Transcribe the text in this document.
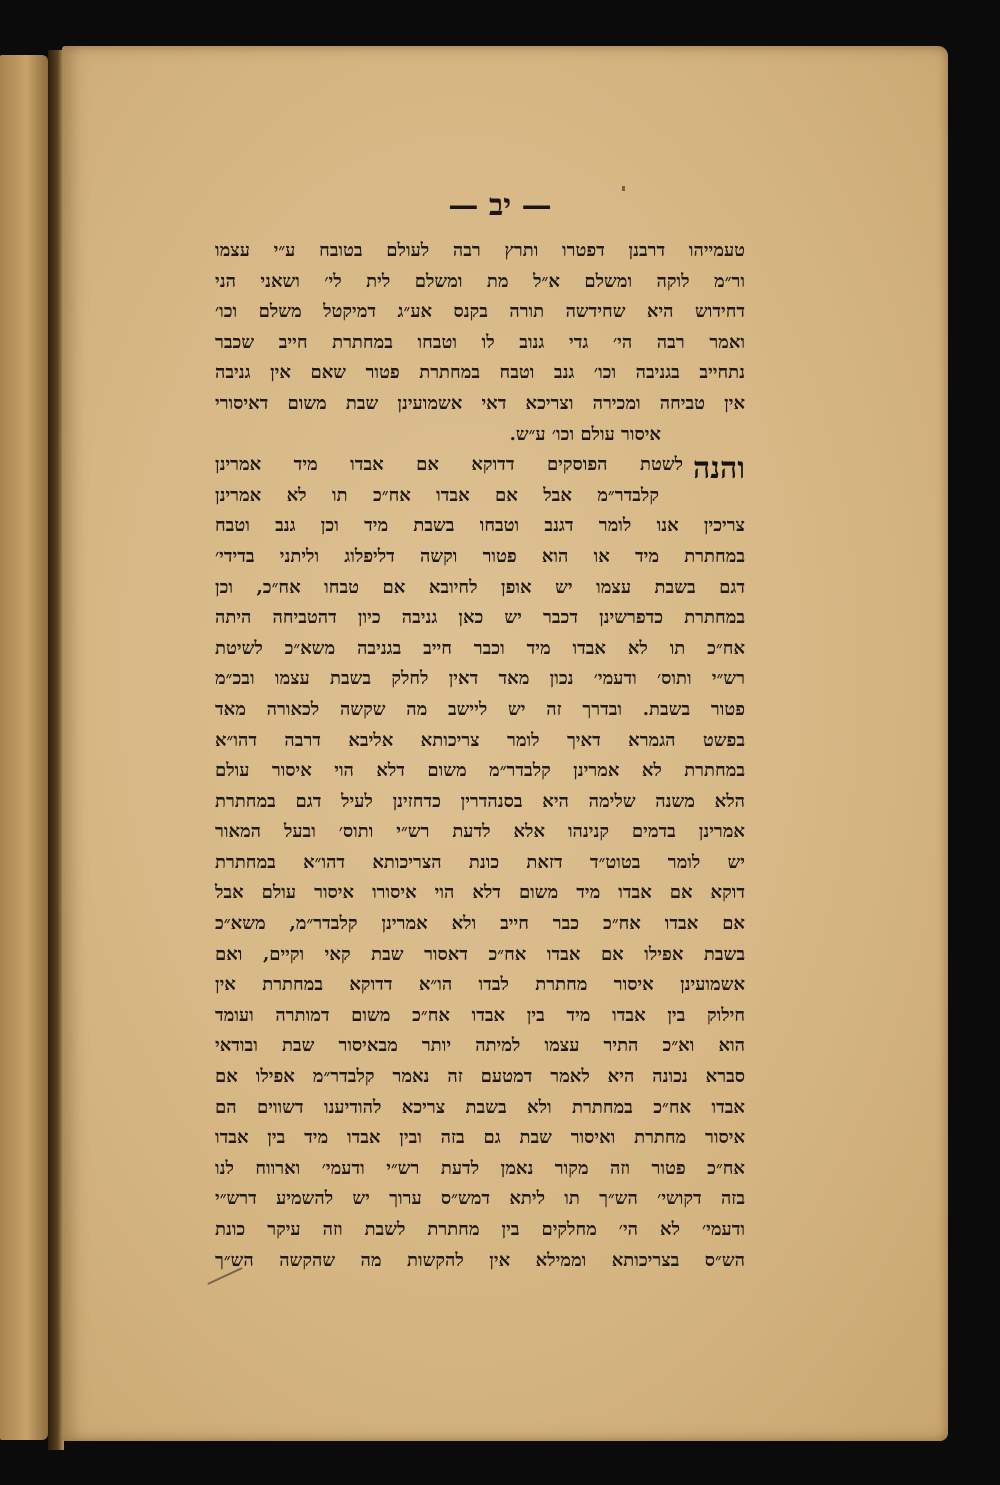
— יב —
טעמייהו דרבנן דפטרו ותרץ רבה לעולם בטובח ע״י עצמו
ור״מ לוקה ומשלם א״ל מת ומשלם לית לי׳ ושאני הני
דחידוש היא שחידשה תורה בקנס אע״ג דמיקטל משלם וכו׳
ואמר רבה הי׳ גדי גנוב לו וטבחו במחתרת חייב שכבר
נתחייב בגניבה וכו׳ גנב וטבח במחתרת פטור שאם אין גניבה
אין טביחה ומכירה וצריכא דאי אשמועינן שבת משום דאיסורי
איסור עולם וכו׳ ע״ש.
והנה
לשטת הפוסקים דדוקא אם אבדו מיד אמרינן
קלבדר״מ אבל אם אבדו אח״כ תו לא אמרינן
צריכין אנו לומר דגנב וטבחו בשבת מיד וכן גנב וטבח
במחתרת מיד או הוא פטור וקשה דליפלוג וליתני בדידי׳
דגם בשבת עצמו יש אופן לחיובא אם טבחו אח״כ, וכן
במחתרת כדפרשינן דכבר יש כאן גניבה כיון דהטביחה היתה
אח״כ תו לא אבדו מיד וכבר חייב בגניבה משא״כ לשיטת
רש״י ותוס׳ ודעמי׳ נכון מאד דאין לחלק בשבת עצמו ובכ״מ
פטור בשבת. ובדרך זה יש ליישב מה שקשה לכאורה מאד
בפשט הגמרא דאיך לומר צריכותא אליבא דרבה דהו״א
במחתרת לא אמרינן קלבדר״מ משום דלא הוי איסור עולם
הלא משנה שלימה היא בסנהדרין כדחזינן לעיל דגם במחתרת
אמרינן בדמים קנינהו אלא לדעת רש״י ותוס׳ ובעל המאור
יש לומר בטוט״ד דזאת כונת הצריכותא דהו״א במחתרת
דוקא אם אבדו מיד משום דלא הוי איסורו איסור עולם אבל
אם אבדו אח״כ כבר חייב ולא אמרינן קלבדר״מ, משא״כ
בשבת אפילו אם אבדו אח״כ דאסור שבת קאי וקיים, ואם
אשמועינן איסור מחתרת לבדו הו״א דדוקא במחתרת אין
חילוק בין אבדו מיד בין אבדו אח״כ משום דמותרה ועומד
הוא וא״כ התיר עצמו למיתה יותר מבאיסור שבת ובודאי
סברא נכונה היא לאמר דמטעם זה נאמר קלבדר״מ אפילו אם
אבדו אח״כ במחתרת ולא בשבת צריכא להודיענו דשווים הם
איסור מחתרת ואיסור שבת גם בזה ובין אבדו מיד בין אבדו
אח״כ פטור וזה מקור נאמן לדעת רש״י ודעמי׳ וארווח לנו
בזה דקושי׳ הש״ך תו ליתא דמש״ס ערוך יש להשמיע דרש״י
ודעמי׳ לא הי׳ מחלקים בין מחתרת לשבת וזה עיקר כונת
הש״ס בצריכותא וממילא אין להקשות מה שהקשה הש״ך
